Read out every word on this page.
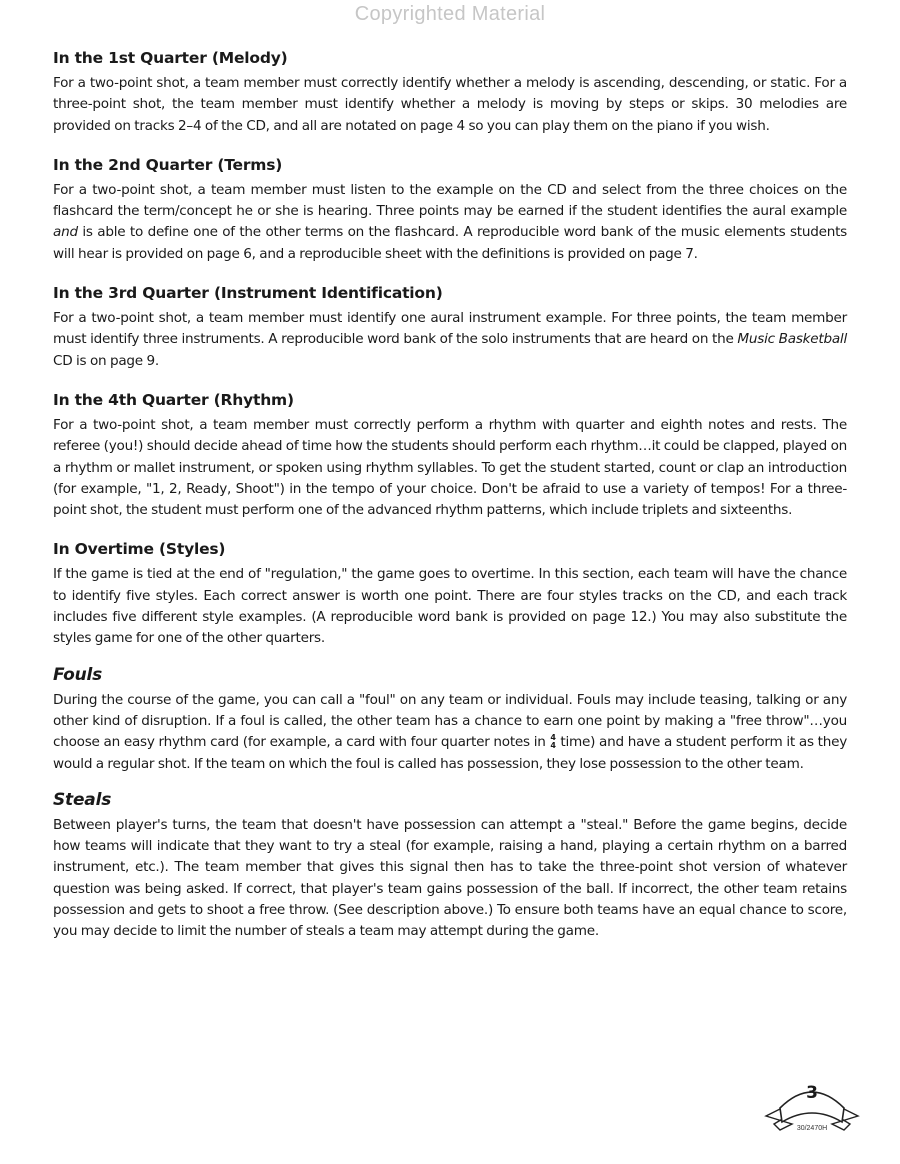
Copyrighted Material
In the 1st Quarter (Melody)

For a two-point shot, a team member must correctly identify whether a melody is ascending, descending, or static. For a three-point shot, the team member must identify whether a melody is moving by steps or skips. 30 melodies are provided on tracks 2–4 of the CD, and all are notated on page 4 so you can play them on the piano if you wish.

In the 2nd Quarter (Terms)

For a two-point shot, a team member must listen to the example on the CD and select from the three choices on the flashcard the term/concept he or she is hearing. Three points may be earned if the student identifies the aural example and is able to define one of the other terms on the flashcard. A reproducible word bank of the music elements students will hear is provided on page 6, and a reproducible sheet with the definitions is provided on page 7.

In the 3rd Quarter (Instrument Identification)

For a two-point shot, a team member must identify one aural instrument example. For three points, the team member must identify three instruments. A reproducible word bank of the solo instruments that are heard on the Music Basketball CD is on page 9.

In the 4th Quarter (Rhythm)

For a two-point shot, a team member must correctly perform a rhythm with quarter and eighth notes and rests. The referee (you!) should decide ahead of time how the students should perform each rhythm…it could be clapped, played on a rhythm or mallet instrument, or spoken using rhythm syllables. To get the student started, count or clap an introduction (for example, "1, 2, Ready, Shoot") in the tempo of your choice. Don't be afraid to use a variety of tempos! For a three-point shot, the student must perform one of the advanced rhythm patterns, which include triplets and sixteenths.

In Overtime (Styles)

If the game is tied at the end of "regulation," the game goes to overtime. In this section, each team will have the chance to identify five styles. Each correct answer is worth one point. There are four styles tracks on the CD, and each track includes five different style examples. (A reproducible word bank is provided on page 12.) You may also substitute the styles game for one of the other quarters.

Fouls

During the course of the game, you can call a "foul" on any team or individual. Fouls may include teasing, talking or any other kind of disruption. If a foul is called, the other team has a chance to earn one point by making a "free throw"…you choose an easy rhythm card (for example, a card with four quarter notes in 4
4 time) and have a student perform it as they would a regular shot. If the team on which the foul is called has possession, they lose possession to the other team.

Steals

Between player's turns, the team that doesn't have possession can attempt a "steal." Before the game begins, decide how teams will indicate that they want to try a steal (for example, raising a hand, playing a certain rhythm on a barred instrument, etc.). The team member that gives this signal then has to take the three-point shot version of whatever question was being asked. If correct, that player's team gains possession of the ball. If incorrect, the other team retains possession and gets to shoot a free throw. (See description above.) To ensure both teams have an equal chance to score, you may decide to limit the number of steals a team may attempt during the game.

3
30/2470H
